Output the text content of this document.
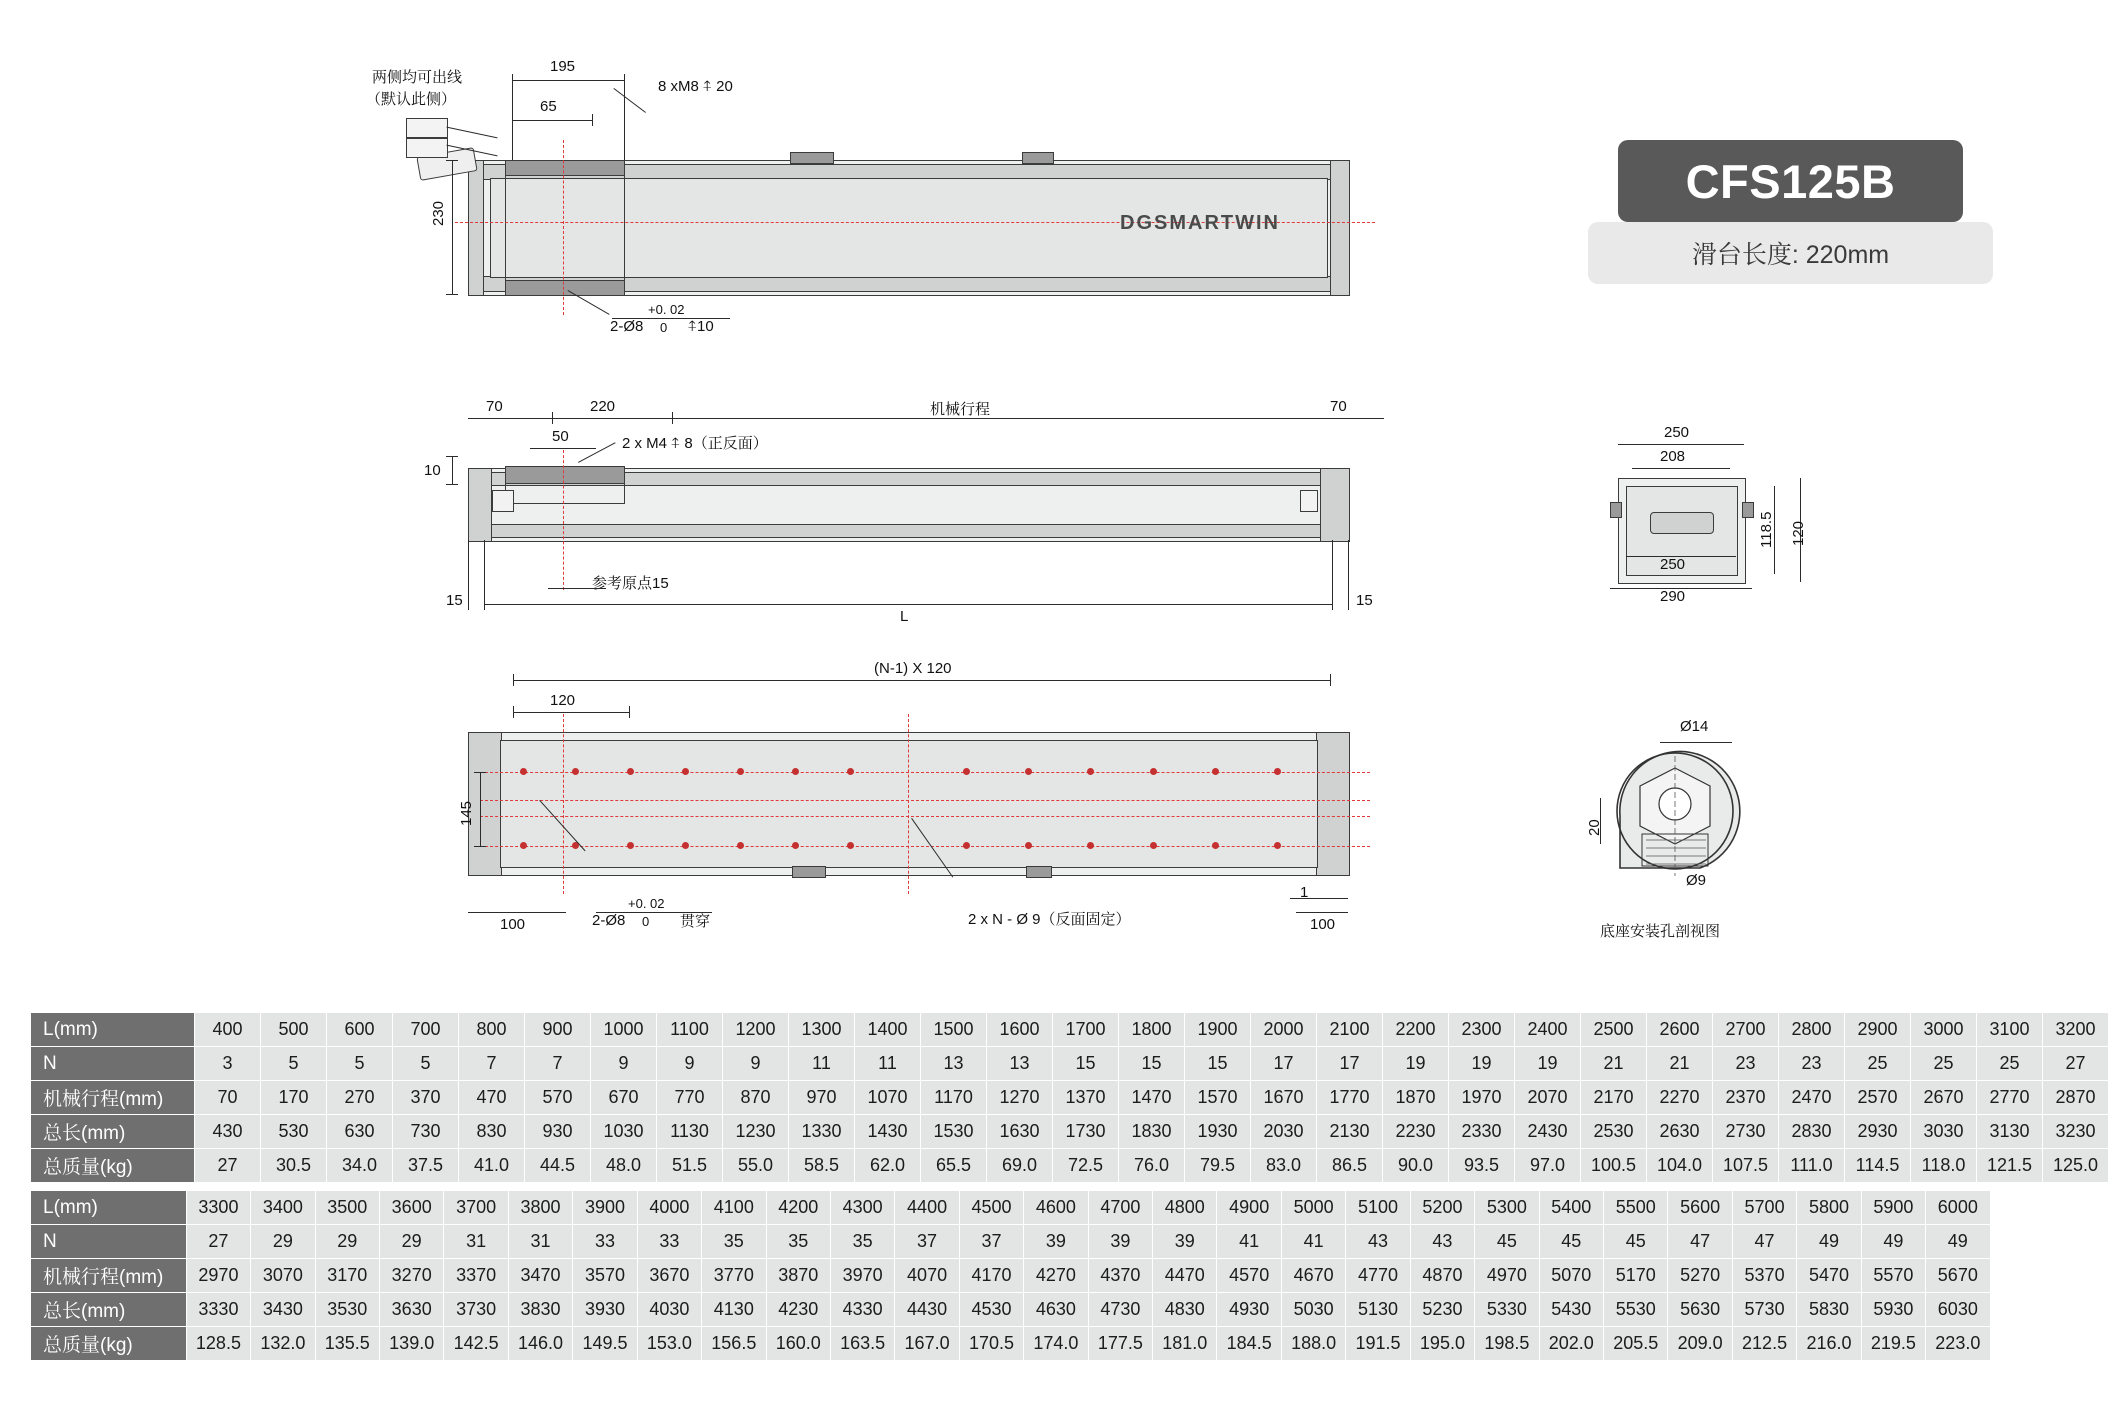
CFS125B
滑台长度: 220mm
DGSMARTWIN
两侧均可出线
（默认此侧）
195
65
230
8 xM8 ⍏ 20
+0. 02
2-Ø8 0 ⍏10
70	220	机械行程	70
50
10
2 x M4 ⍏ 8（正反面）
参考原点15
L
15	15
120
(N-1) X 120
145
100	100
1
+0. 02
2-Ø8 0 贯穿	2 x N - Ø 9（反面固定）
250
208
250
290
118.5 120
Ø14
Ø9
20
底座安装孔剖视图
L(mm)	400	500	600	700	800	900	1000	1100	1200	1300	1400	1500	1600	1700	1800	1900	2000	2100	2200	2300	2400	2500	2600	2700	2800	2900	3000	3100	3200
N	3	5	5	5	7	7	9	9	9	11	11	13	13	15	15	15	17	17	19	19	19	21	21	23	23	25	25	25	27
机械行程(mm)	70	170	270	370	470	570	670	770	870	970	1070	1170	1270	1370	1470	1570	1670	1770	1870	1970	2070	2170	2270	2370	2470	2570	2670	2770	2870
总长(mm)	430	530	630	730	830	930	1030	1130	1230	1330	1430	1530	1630	1730	1830	1930	2030	2130	2230	2330	2430	2530	2630	2730	2830	2930	3030	3130	3230
总质量(kg)	27	30.5	34.0	37.5	41.0	44.5	48.0	51.5	55.0	58.5	62.0	65.5	69.0	72.5	76.0	79.5	83.0	86.5	90.0	93.5	97.0	100.5	104.0	107.5	111.0	114.5	118.0	121.5	125.0
L(mm)	3300	3400	3500	3600	3700	3800	3900	4000	4100	4200	4300	4400	4500	4600	4700	4800	4900	5000	5100	5200	5300	5400	5500	5600	5700	5800	5900	6000		
N	27	29	29	29	31	31	33	33	35	35	35	37	37	39	39	39	41	41	43	43	45	45	45	47	47	49	49	49		
机械行程(mm)	2970	3070	3170	3270	3370	3470	3570	3670	3770	3870	3970	4070	4170	4270	4370	4470	4570	4670	4770	4870	4970	5070	5170	5270	5370	5470	5570	5670		
总长(mm)	3330	3430	3530	3630	3730	3830	3930	4030	4130	4230	4330	4430	4530	4630	4730	4830	4930	5030	5130	5230	5330	5430	5530	5630	5730	5830	5930	6030		
总质量(kg)	128.5	132.0	135.5	139.0	142.5	146.0	149.5	153.0	156.5	160.0	163.5	167.0	170.5	174.0	177.5	181.0	184.5	188.0	191.5	195.0	198.5	202.0	205.5	209.0	212.5	216.0	219.5	223.0		
